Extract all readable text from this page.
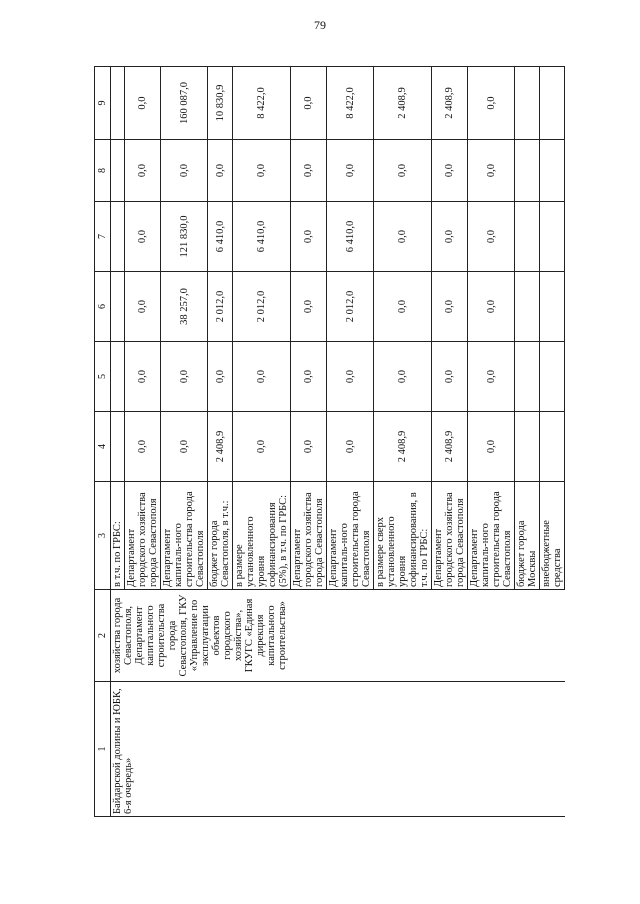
79
1	2	3	4	5	6	7	8	9
Байдарской долины и ЮБК, 6-я очередь»	хозяйства города Севастополя, Департамент капитального строительства города Севастополя, ГКУ «Управление по эксплуатации объектов городского хозяйства», ГКУГС «Единая дирекция капитального строительства»	в т.ч. по ГРБС:						
		Департамент городского хозяйства города Севастополя	0,0	0,0	0,0	0,0	0,0	0,0
		Департамент капиталь-ного строительства города Севастополя	0,0	0,0	38 257,0	121 830,0	0,0	160 087,0
		бюджет города Севастополя, в т.ч.:	2 408,9	0,0	2 012,0	6 410,0	0,0	10 830,9
		в размере установленного уровня софинансирования (5%), в т.ч. по ГРБС:	0,0	0,0	2 012,0	6 410,0	0,0	8 422,0
		Департамент городского хозяйства города Севастополя	0,0	0,0	0,0	0,0	0,0	0,0
		Департамент капиталь-ного строительства города Севастополя	0,0	0,0	2 012,0	6 410,0	0,0	8 422,0
		в размере сверх установленного уровня софинансирования, в т.ч. по ГРБС:	2 408,9	0,0	0,0	0,0	0,0	2 408,9
		Департамент городского хозяйства города Севастополя	2 408,9	0,0	0,0	0,0	0,0	2 408,9
		Департамент капиталь-ного строительства города Севастополя	0,0	0,0	0,0	0,0	0,0	0,0
		бюджет города Москвы						
		внебюджетные средства						
